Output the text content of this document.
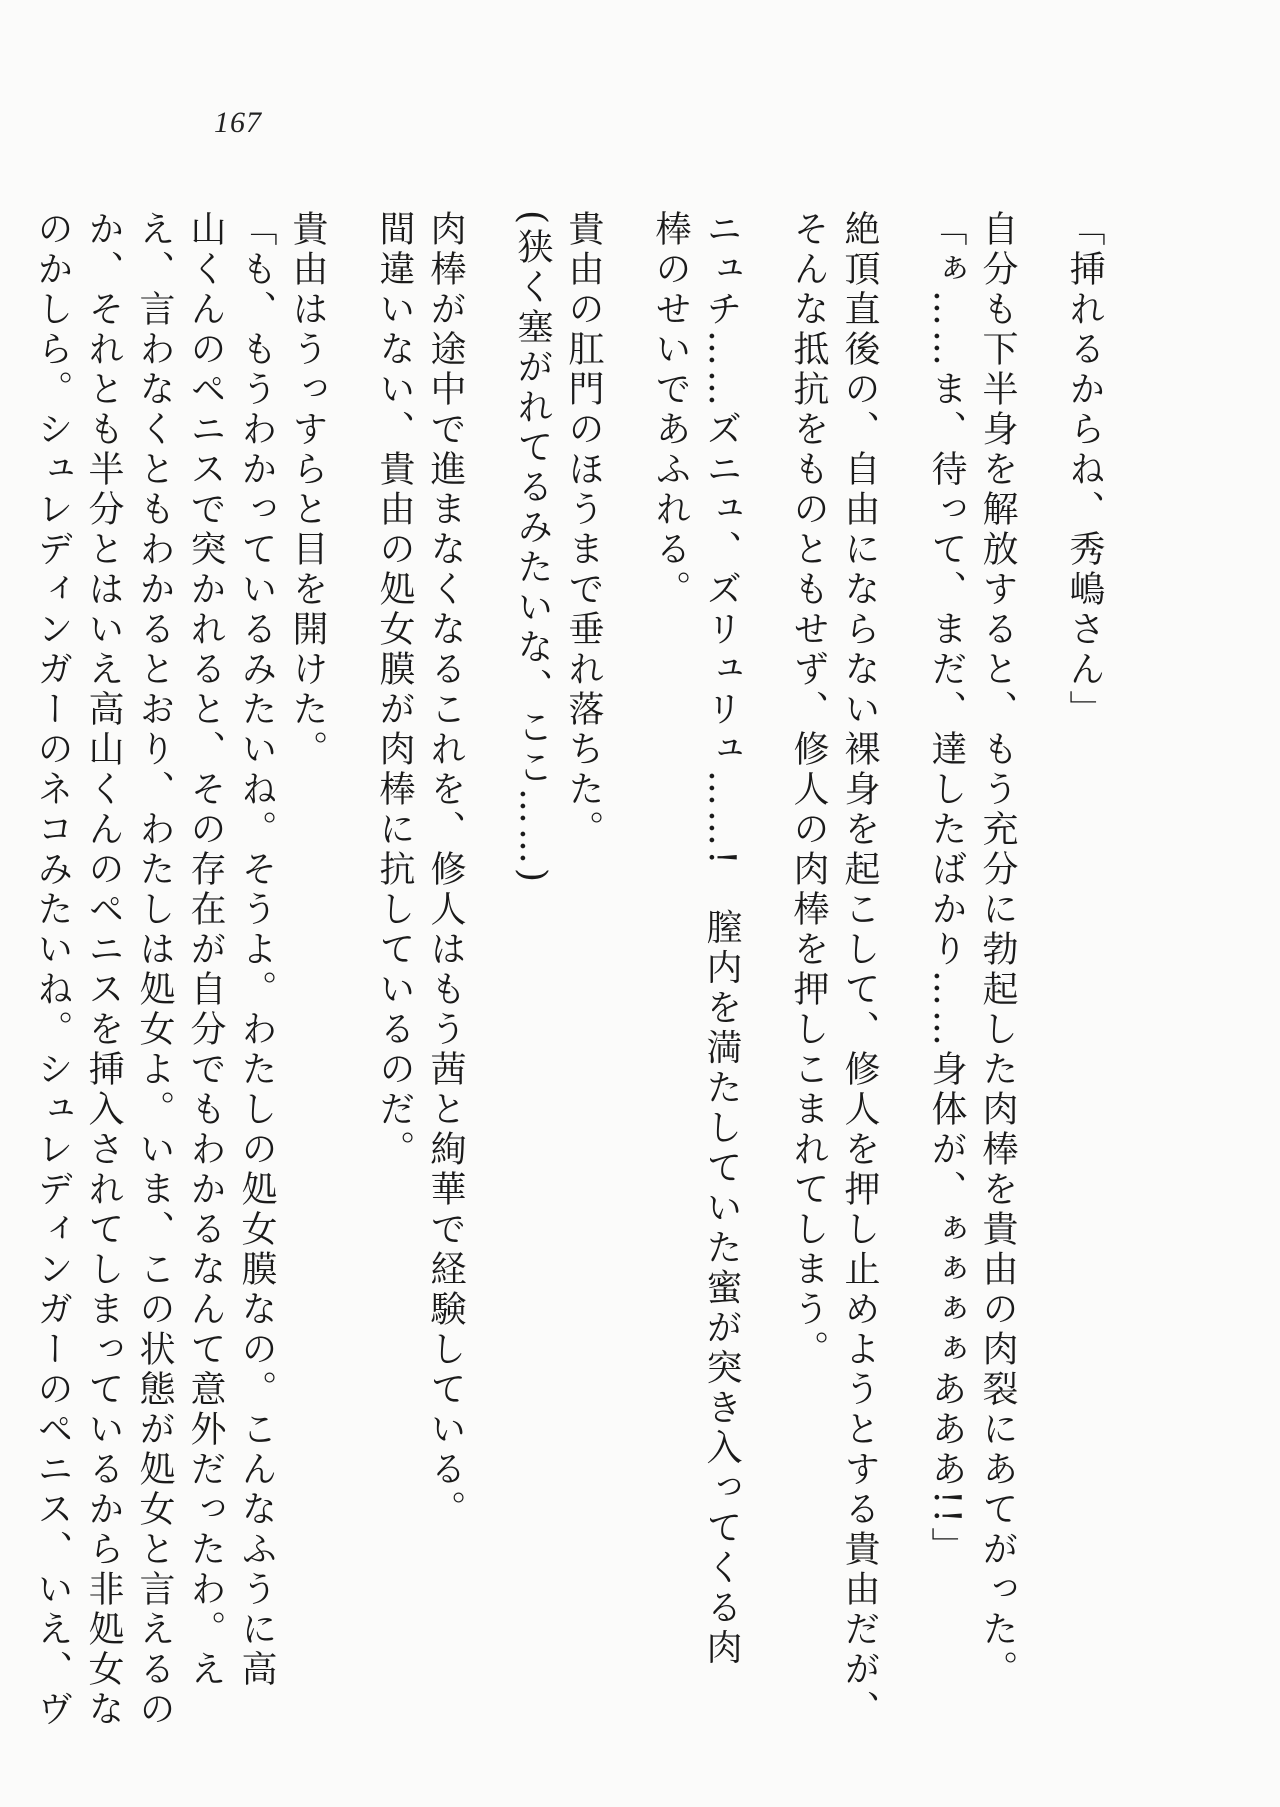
167
「挿れるからね、秀嶋さん」
自分も下半身を解放すると、もう充分に勃起した肉棒を貴由の肉裂にあてがった。
「ぁ……ま、待って、まだ、達したばかり……身体が、ぁぁぁぁあああ!!」
絶頂直後の、自由にならない裸身を起こして、修人を押し止めようとする貴由だが、
そんな抵抗をものともせず、修人の肉棒を押しこまれてしまう。
ニュチ……ズニュ、ズリュリュ……!　膣内を満たしていた蜜が突き入ってくる肉
棒のせいであふれる。
貴由の肛門のほうまで垂れ落ちた。
(狭く塞がれてるみたいな、ここ……)
肉棒が途中で進まなくなるこれを、修人はもう茜と絢華で経験している。
間違いない、貴由の処女膜が肉棒に抗しているのだ。
貴由はうっすらと目を開けた。
「も、もうわかっているみたいね。そうよ。わたしの処女膜なの。こんなふうに高
山くんのペニスで突かれると、その存在が自分でもわかるなんて意外だったわ。え
え、言わなくともわかるとおり、わたしは処女よ。いま、この状態が処女と言えるの
か、それとも半分とはいえ高山くんのペニスを挿入されてしまっているから非処女な
のかしら。シュレディンガーのネコみたいね。シュレディンガーのペニス、いえ、ヴ
